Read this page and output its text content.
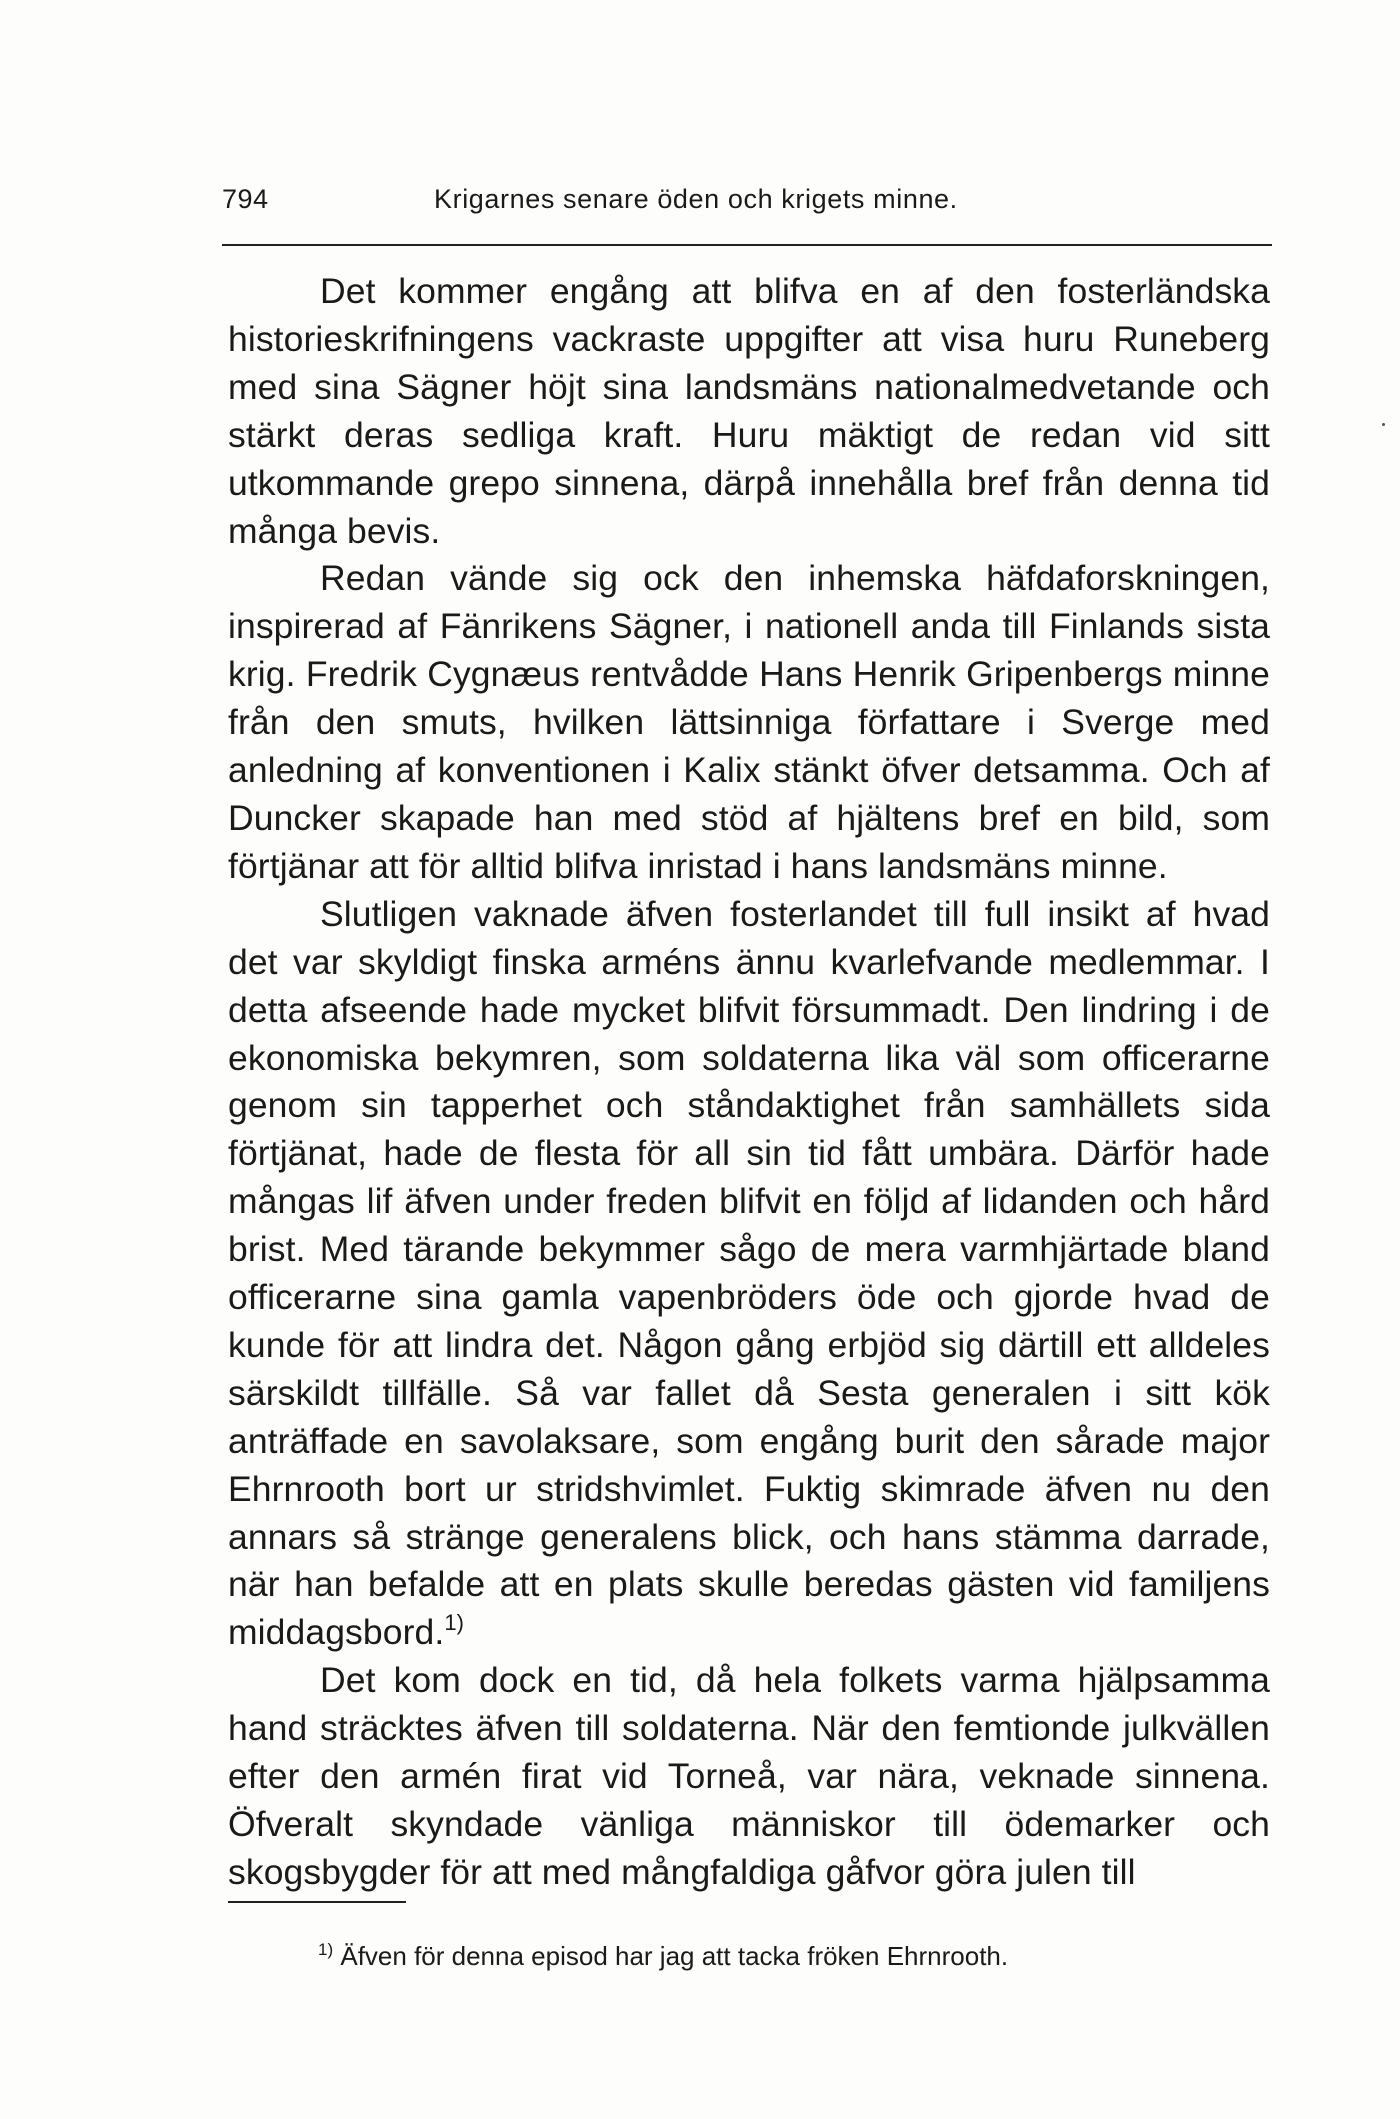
794	Krigarnes senare öden och krigets minne.

Det kommer engång att blifva en af den fosterländska historieskrifningens vackraste uppgifter att visa huru Runeberg med sina Sägner höjt sina landsmäns nationalmedvetande och stärkt deras sedliga kraft. Huru mäktigt de redan vid sitt utkommande grepo sinnena, därpå innehålla bref från denna tid många bevis.

Redan vände sig ock den inhemska häfdaforskningen, inspirerad af Fänrikens Sägner, i nationell anda till Finlands sista krig. Fredrik Cygnæus rentvådde Hans Henrik Gripenbergs minne från den smuts, hvilken lättsinniga författare i Sverge med anledning af konventionen i Kalix stänkt öfver detsamma. Och af Duncker skapade han med stöd af hjältens bref en bild, som förtjänar att för alltid blifva inristad i hans landsmäns minne.

Slutligen vaknade äfven fosterlandet till full insikt af hvad det var skyldigt finska arméns ännu kvarlefvande medlemmar. I detta afseende hade mycket blifvit försummadt. Den lindring i de ekonomiska bekymren, som soldaterna lika väl som officerarne genom sin tapperhet och ståndaktighet från samhällets sida förtjänat, hade de flesta för all sin tid fått umbära. Därför hade mångas lif äfven under freden blifvit en följd af lidanden och hård brist. Med tärande bekymmer sågo de mera varmhjärtade bland officerarne sina gamla vapenbröders öde och gjorde hvad de kunde för att lindra det. Någon gång erbjöd sig därtill ett alldeles särskildt tillfälle. Så var fallet då Sesta generalen i sitt kök anträffade en savolaksare, som engång burit den sårade major Ehrnrooth bort ur stridshvimlet. Fuktig skimrade äfven nu den annars så stränge generalens blick, och hans stämma darrade, när han befalde att en plats skulle beredas gästen vid familjens middagsbord.$^{1)}$

Det kom dock en tid, då hela folkets varma hjälpsamma hand sträcktes äfven till soldaterna. När den femtionde julkvällen efter den armén firat vid Torneå, var nära, veknade sinnena. Öfveralt skyndade vänliga människor till ödemarker och skogsbygder för att med mångfaldiga gåfvor göra julen till

$^{1)}$ Äfven för denna episod har jag att tacka fröken Ehrnrooth.
